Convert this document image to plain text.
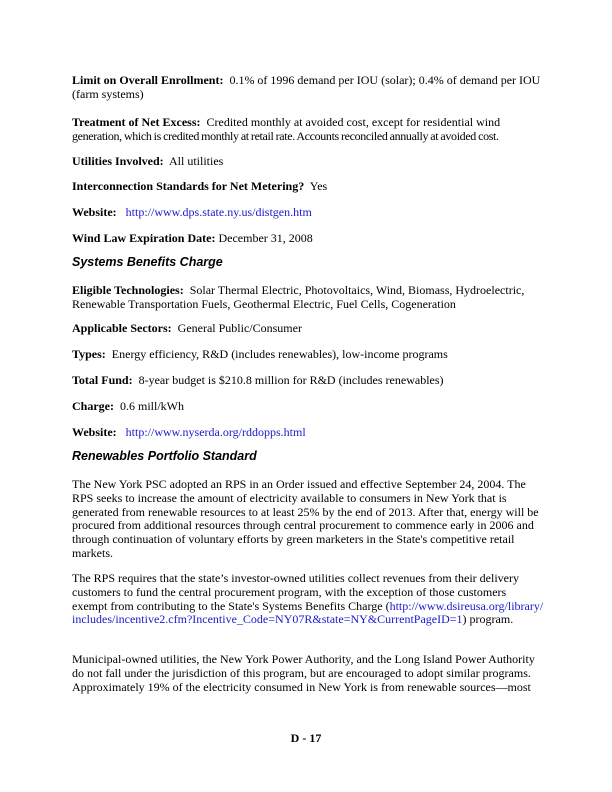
Limit on Overall Enrollment: 0.1% of 1996 demand per IOU (solar); 0.4% of demand per IOU (farm systems)

Treatment of Net Excess: Credited monthly at avoided cost, except for residential wind
generation, which is credited monthly at retail rate. Accounts reconciled annually at avoided cost.

Utilities Involved: All utilities

Interconnection Standards for Net Metering? Yes

Website: http://www.dps.state.ny.us/distgen.htm

Wind Law Expiration Date: December 31, 2008

Systems Benefits Charge

Eligible Technologies: Solar Thermal Electric, Photovoltaics, Wind, Biomass, Hydroelectric, Renewable Transportation Fuels, Geothermal Electric, Fuel Cells, Cogeneration

Applicable Sectors: General Public/Consumer

Types: Energy efficiency, R&D (includes renewables), low-income programs

Total Fund: 8-year budget is $210.8 million for R&D (includes renewables)

Charge: 0.6 mill/kWh

Website: http://www.nyserda.org/rddopps.html

Renewables Portfolio Standard

The New York PSC adopted an RPS in an Order issued and effective September 24, 2004. The RPS seeks to increase the amount of electricity available to consumers in New York that is generated from renewable resources to at least 25% by the end of 2013. After that, energy will be procured from additional resources through central procurement to commence early in 2006 and through continuation of voluntary efforts by green marketers in the State's competitive retail markets.

The RPS requires that the state’s investor-owned utilities collect revenues from their delivery customers to fund the central procurement program, with the exception of those customers exempt from contributing to the State's Systems Benefits Charge (http://www.dsireusa.org/library/includes/incentive2.cfm?Incentive_Code=NY07R&state=NY&CurrentPageID=1) program.

Municipal-owned utilities, the New York Power Authority, and the Long Island Power Authority do not fall under the jurisdiction of this program, but are encouraged to adopt similar programs. Approximately 19% of the electricity consumed in New York is from renewable sources—most

D - 17
